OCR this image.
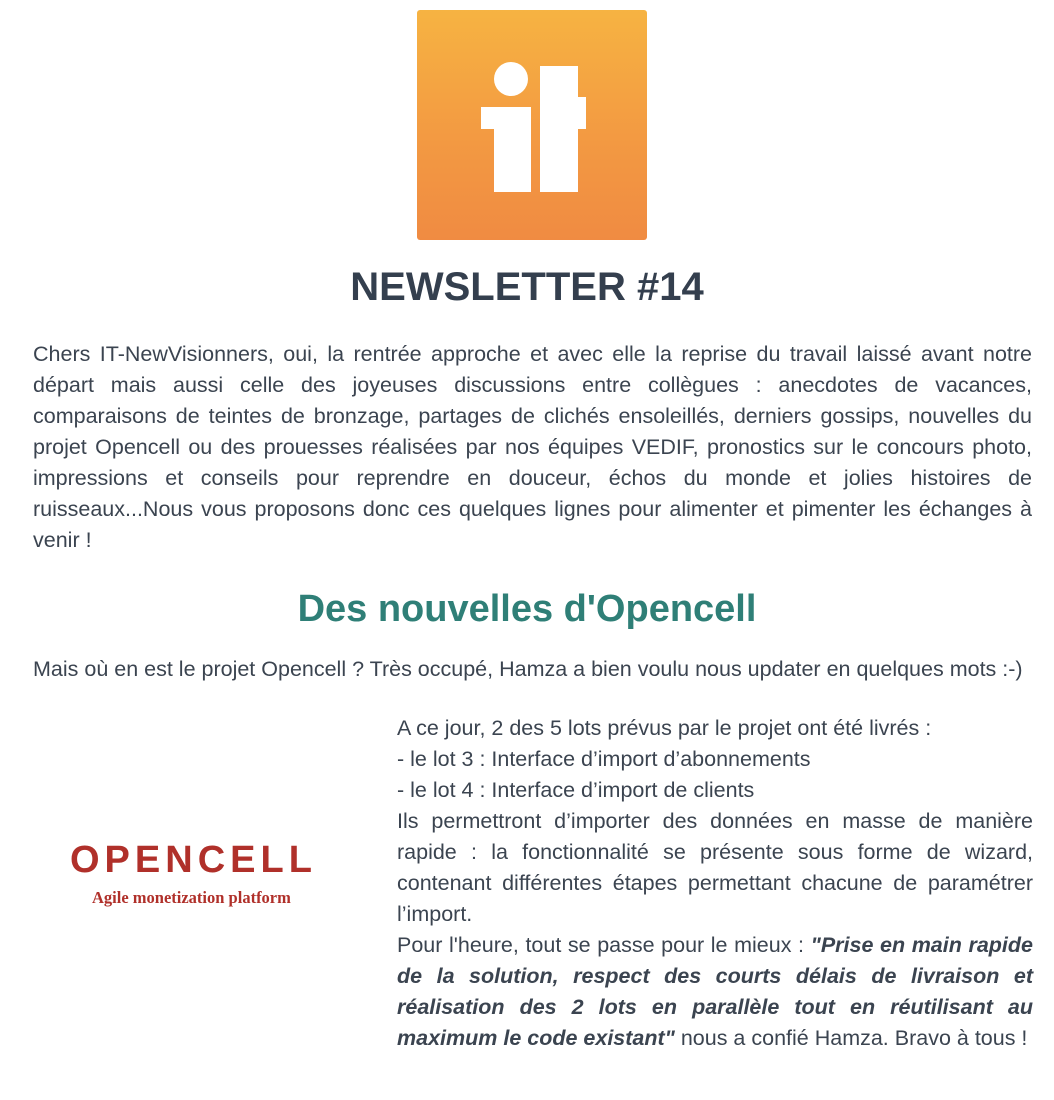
NEWSLETTER #14

Chers IT-NewVisionners, oui, la rentrée approche et avec elle la reprise du travail laissé avant notre départ mais aussi celle des joyeuses discussions entre collègues : anecdotes de vacances, comparaisons de teintes de bronzage, partages de clichés ensoleillés, derniers gossips, nouvelles du projet Opencell ou des prouesses réalisées par nos équipes VEDIF, pronostics sur le concours photo, impressions et conseils pour reprendre en douceur, échos du monde et jolies histoires de ruisseaux...Nous vous proposons donc ces quelques lignes pour alimenter et pimenter les échanges à venir !

Des nouvelles d'Opencell

Mais où en est le projet Opencell ? Très occupé, Hamza a bien voulu nous updater en quelques mots :-)

OPENCELL
Agile monetization platform
A ce jour, 2 des 5 lots prévus par le projet ont été livrés :
- le lot 3 : Interface d’import d’abonnements
- le lot 4 : Interface d’import de clients
Ils permettront d’importer des données en masse de manière rapide : la fonctionnalité se présente sous forme de wizard, contenant différentes étapes permettant chacune de paramétrer l’import.
Pour l'heure, tout se passe pour le mieux : "Prise en main rapide de la solution, respect des courts délais de livraison et réalisation des 2 lots en parallèle tout en réutilisant au maximum le code existant" nous a confié Hamza. Bravo à tous !
